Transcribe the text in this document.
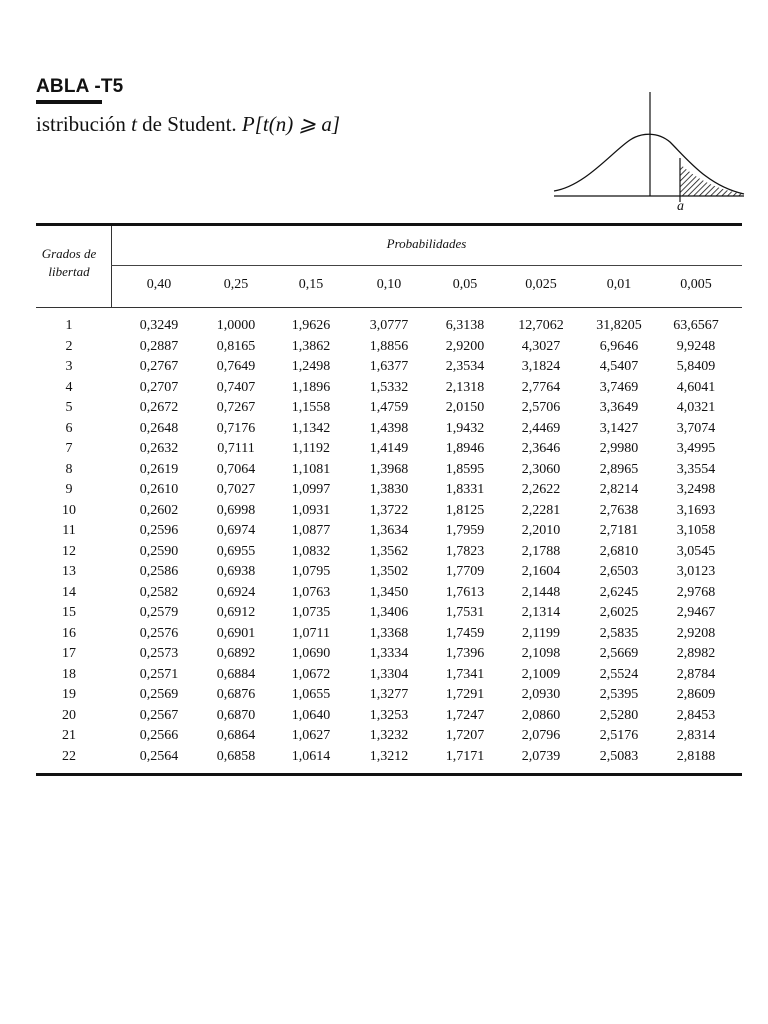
ABLA -T5
istribución t de Student. P[t(n) ⩾ a]
a
Grados de
libertad
Probabilidades
0,40	0,25	0,15	0,10	0,05	0,025	0,01	0,005
1	0,3249	1,0000	1,9626	3,0777	6,3138	12,7062	31,8205	63,6567
2	0,2887	0,8165	1,3862	1,8856	2,9200	4,3027	6,9646	9,9248
3	0,2767	0,7649	1,2498	1,6377	2,3534	3,1824	4,5407	5,8409
4	0,2707	0,7407	1,1896	1,5332	2,1318	2,7764	3,7469	4,6041
5	0,2672	0,7267	1,1558	1,4759	2,0150	2,5706	3,3649	4,0321
6	0,2648	0,7176	1,1342	1,4398	1,9432	2,4469	3,1427	3,7074
7	0,2632	0,7111	1,1192	1,4149	1,8946	2,3646	2,9980	3,4995
8	0,2619	0,7064	1,1081	1,3968	1,8595	2,3060	2,8965	3,3554
9	0,2610	0,7027	1,0997	1,3830	1,8331	2,2622	2,8214	3,2498
10	0,2602	0,6998	1,0931	1,3722	1,8125	2,2281	2,7638	3,1693
11	0,2596	0,6974	1,0877	1,3634	1,7959	2,2010	2,7181	3,1058
12	0,2590	0,6955	1,0832	1,3562	1,7823	2,1788	2,6810	3,0545
13	0,2586	0,6938	1,0795	1,3502	1,7709	2,1604	2,6503	3,0123
14	0,2582	0,6924	1,0763	1,3450	1,7613	2,1448	2,6245	2,9768
15	0,2579	0,6912	1,0735	1,3406	1,7531	2,1314	2,6025	2,9467
16	0,2576	0,6901	1,0711	1,3368	1,7459	2,1199	2,5835	2,9208
17	0,2573	0,6892	1,0690	1,3334	1,7396	2,1098	2,5669	2,8982
18	0,2571	0,6884	1,0672	1,3304	1,7341	2,1009	2,5524	2,8784
19	0,2569	0,6876	1,0655	1,3277	1,7291	2,0930	2,5395	2,8609
20	0,2567	0,6870	1,0640	1,3253	1,7247	2,0860	2,5280	2,8453
21	0,2566	0,6864	1,0627	1,3232	1,7207	2,0796	2,5176	2,8314
22	0,2564	0,6858	1,0614	1,3212	1,7171	2,0739	2,5083	2,8188
